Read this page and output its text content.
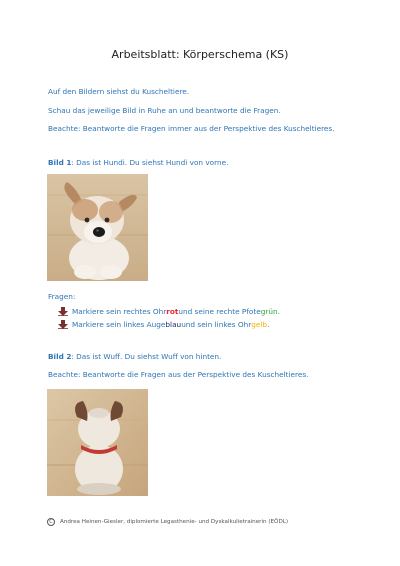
Arbeitsblatt: Körperschema (KS)
Auf den Bildern siehst du Kuscheltiere.
Schau das jeweilige Bild in Ruhe an und beantworte die Fragen.
Beachte: Beantworte die Fragen immer aus der Perspektive des Kuscheltieres.
Bild 1: Das ist Hundi. Du siehst Hundi von vorne.
Fragen:
Markiere sein rechtes Ohr rot und seine rechte Pfote grün .
Markiere sein linkes Auge blau und sein linkes Ohr gelb .
Bild 2: Das ist Wuff. Du siehst Wuff von hinten.
Beachte: Beantworte die Fragen aus der Perspektive des Kuscheltieres.
C	Andrea Heinen-Giesler, diplomierte Legasthenie- und Dyskalkulietrainerin (EÖDL)
